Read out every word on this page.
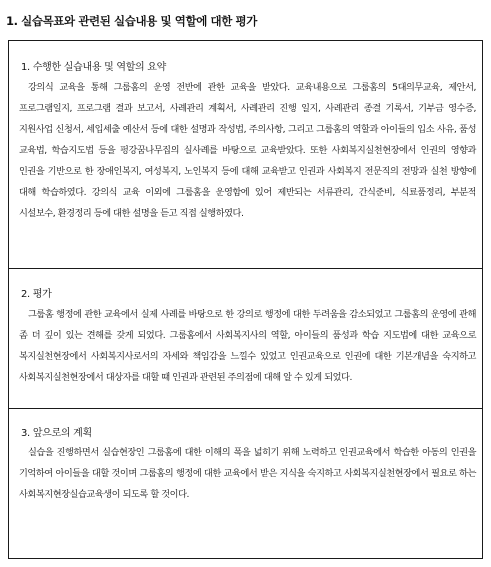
1. 실습목표와 관련된 실습내용 및 역할에 대한 평가
1. 수행한 실습내용 및 역할의 요약
강의식 교육을 통해 그룹홈의 운영 전반에 관한 교육을 받았다. 교육내용으로 그룹홈의 5대의무교육, 제안서, 프로그램일지, 프로그램 결과 보고서, 사례관리 계획서, 사례관리 진행 일지, 사례관리 종결 기록서, 기부금 영수증, 지원사업 신청서, 세입세출 예산서 등에 대한 설명과 작성법, 주의사항, 그리고 그룹홈의 역할과 아이들의 입소 사유, 품성 교육법, 학습지도법 등을 펑강꿈나무집의 실사례를 바탕으로 교육받았다. 또한 사회복지실천현장에서 인권의 영향과 인권을 기반으로 한 장애인복지, 여성복지, 노인복지 등에 대해 교육받고 인권과 사회복지 전문직의 전망과 실천 방향에 대해 학습하였다. 강의식 교육 이외에 그룹홈을 운영함에 있어 제반되는 서류관리, 간식준비, 식료품정리, 부분적 시설보수, 환경정리 등에 대한 설명을 듣고 직접 실행하였다.
2. 평가
그룹홈 행정에 관한 교육에서 실제 사례를 바탕으로 한 강의로 행정에 대한 두려움을 감소되었고 그룹홈의 운영에 관해 좀 더 깊이 있는 견해를 갖게 되었다. 그룹홈에서 사회복지사의 역할, 아이들의 품성과 학습 지도법에 대한 교육으로 복지실천현장에서 사회복지사로서의 자세와 책임감을 느낄수 있었고 인권교육으로 인권에 대한 기본개념을 숙지하고 사회복지실천현장에서 대상자를 대할 때 인권과 관련된 주의점에 대해 알 수 있게 되었다.
3. 앞으로의 계획
실습을 진행하면서 실습현장인 그룹홈에 대한 이해의 폭을 넓히기 위해 노력하고 인권교육에서 학습한 아동의 인권을 기억하여 아이들을 대할 것이며 그룹홈의 행정에 대한 교육에서 받은 지식을 숙지하고 사회복지실천현장에서 필요로 하는 사회복지현장실습교육생이 되도록 할 것이다.
